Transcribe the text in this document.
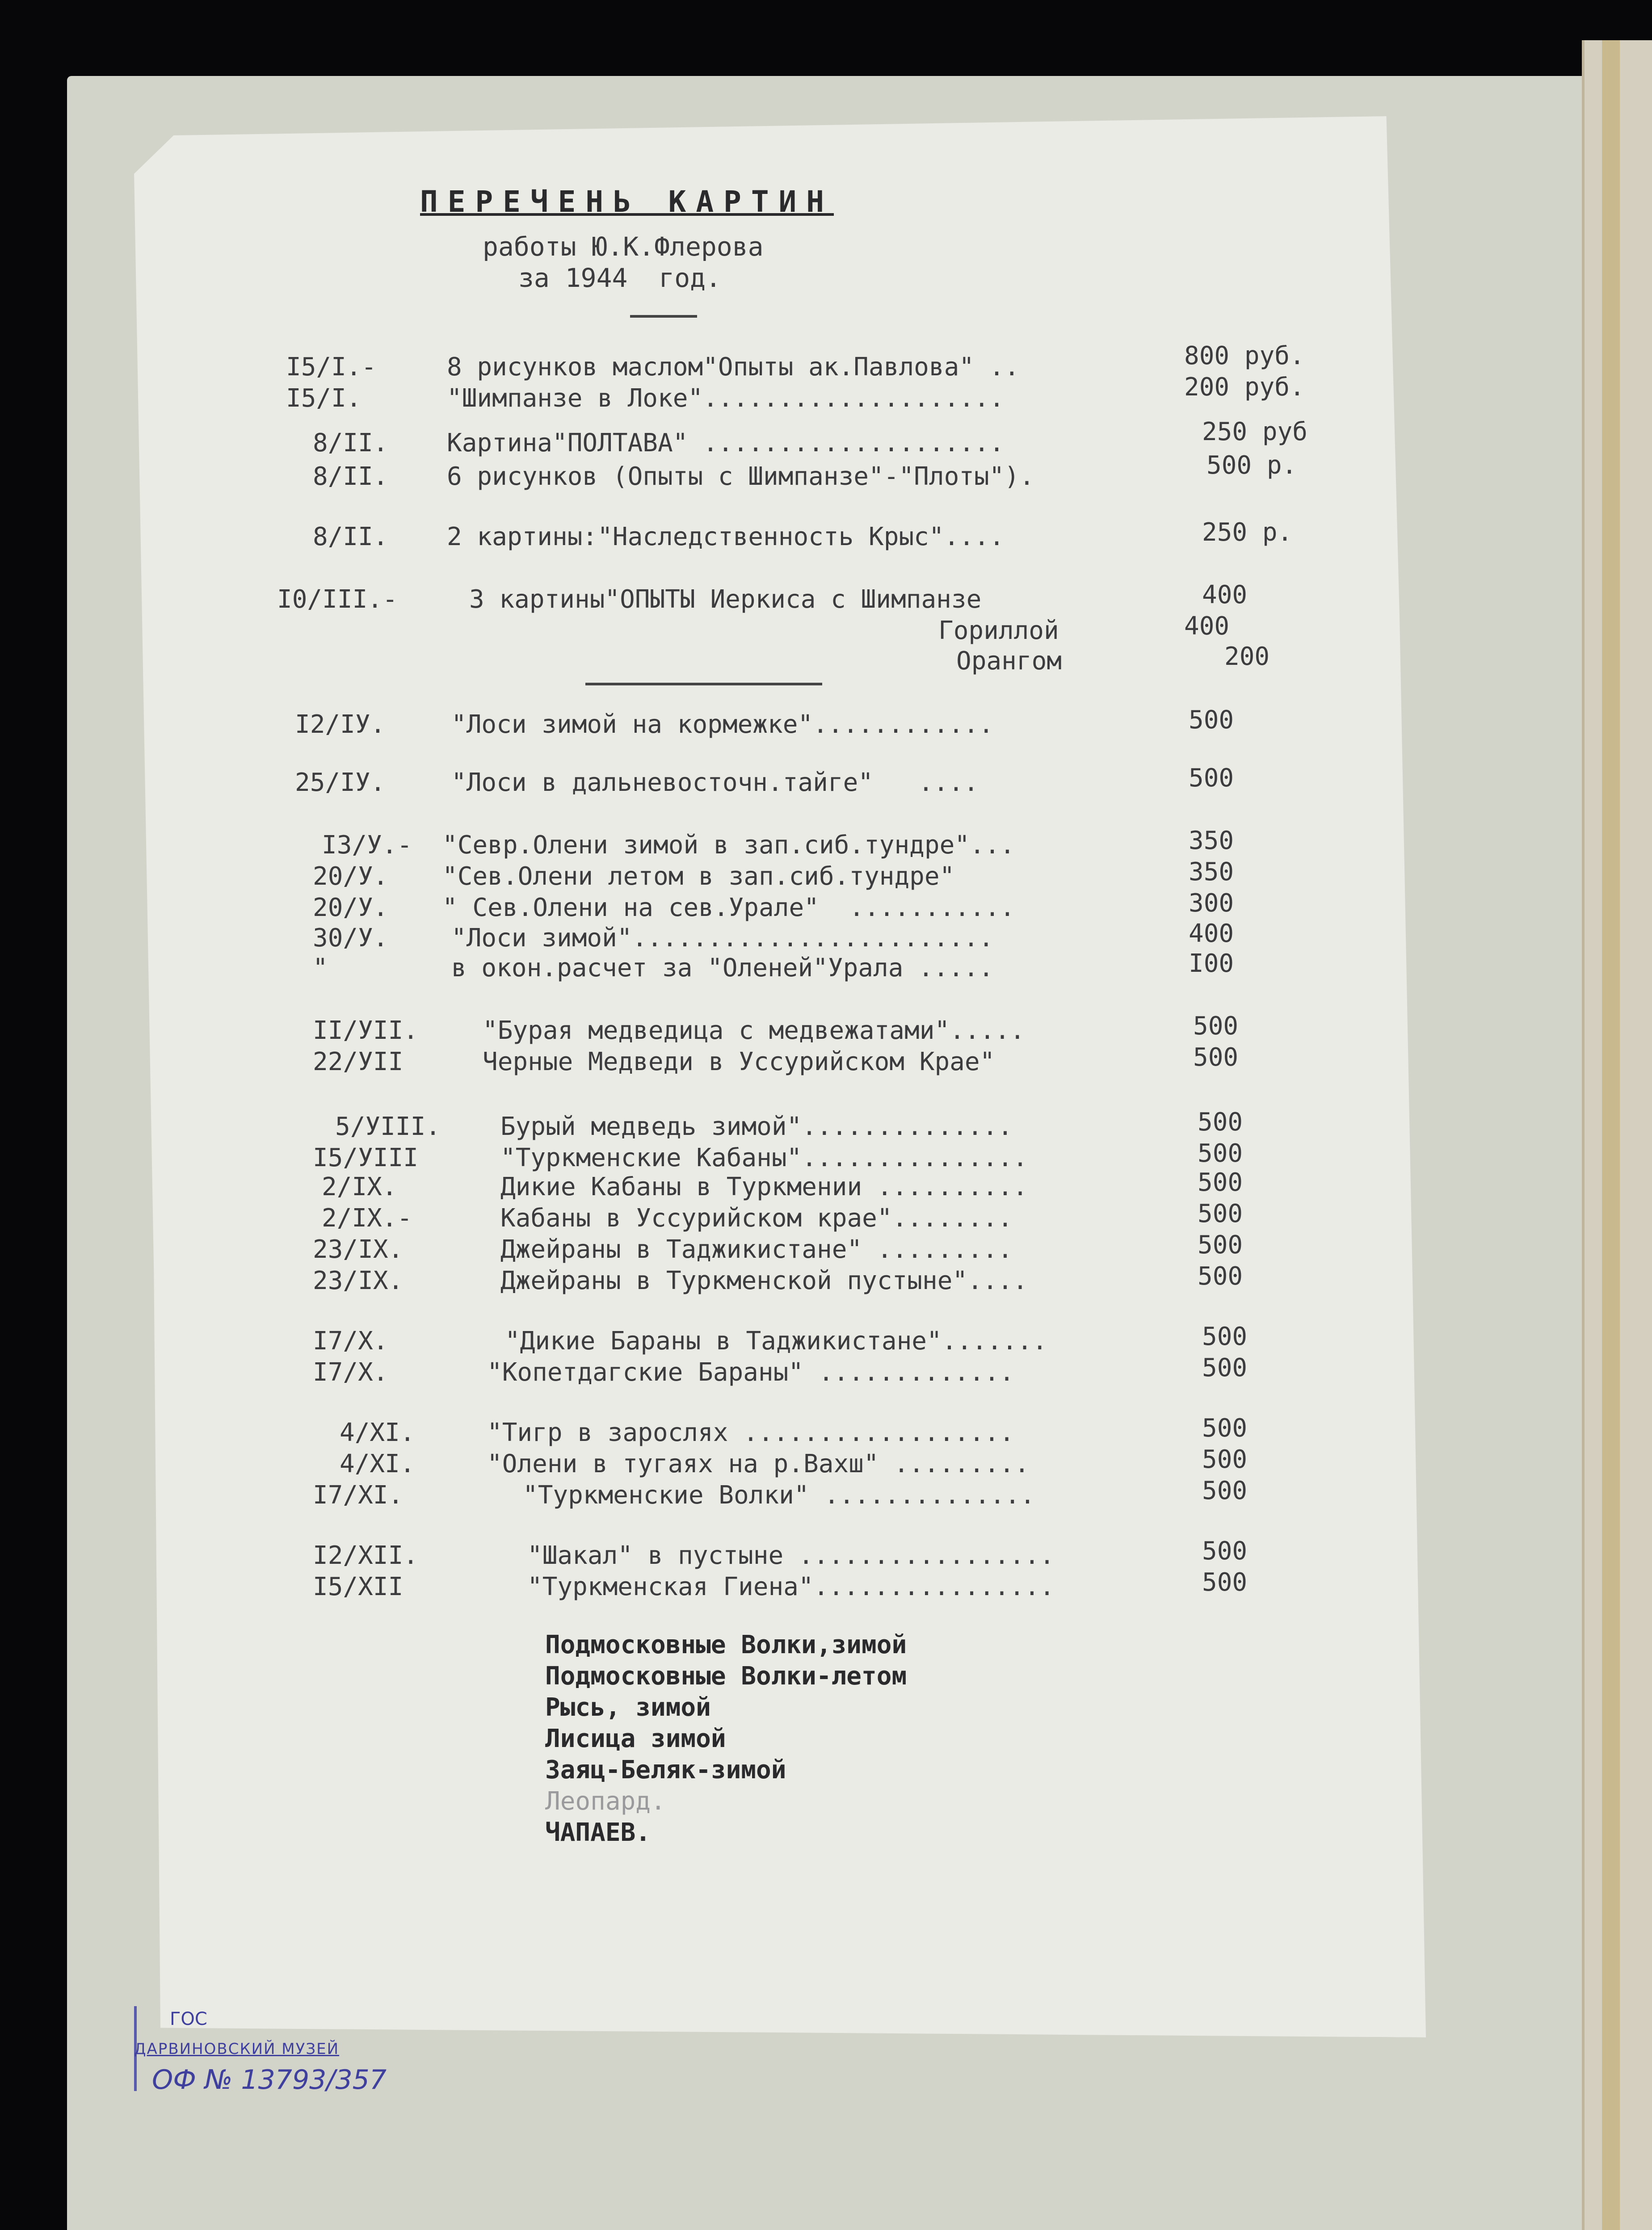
ПЕРЕЧЕНЬ КАРТИН
работы Ю.К.Флерова
за 1944  год.
I5/I.-	8 рисунков маслом"Опыты ак.Павлова" ..	800 руб.
I5/I.	"Шимпанзе в Локе"....................	200 руб.
8/II. Картина"ПОЛТАВА" ....................	250 руб
8/II. 6 рисунков (Опыты с Шимпанзе"-"Плоты").	500 р.
8/II. 2 картины:"Наследственность Крыс"....	250 р.
I0/III.-	3 картины"ОПЫТЫ Иеркиса с Шимпанзе	400
Гориллой	400
Орангом	200
I2/IУ.	"Лоси зимой на кормежке"............	500
25/IУ.	"Лоси в дальневосточн.тайге"   ....	500
I3/У.- "Севр.Олени зимой в зап.сиб.тундре"...	350
20/У. "Сев.Олени летом в зап.сиб.тундре"	350
20/У. " Сев.Олени на сев.Урале"  ...........	300
30/У.	"Лоси зимой"........................	400
"	в окон.расчет за "Оленей"Урала .....	I00
II/УII.	"Бурая медведица с медвежатами".....	500
22/УII	Черные Медведи в Уссурийском Крае"	500
5/УIII. Бурый медведь зимой"..............	500
I5/УIII	"Туркменские Кабаны"...............	500
2/IX.	Дикие Кабаны в Туркмении ..........	500
2/IX.-	Кабаны в Уссурийском крае"........	500
23/IX.	Джейраны в Таджикистане" .........	500
23/IX.	Джейраны в Туркменской пустыне"....	500
I7/X.	"Дикие Бараны в Таджикистане".......	500
I7/X.	"Копетдагские Бараны" .............	500
4/XI.	"Тигр в зарослях ..................	500
4/XI.	"Олени в тугаях на р.Вахш" .........	500
I7/XI.	"Туркменские Волки" ..............	500
I2/XII.	"Шакал" в пустыне .................	500
I5/XII	"Туркменская Гиена"................	500
Подмосковные Волки,зимой
Подмосковные Волки-летом
Рысь, зимой
Лисица зимой
Заяц-Беляк-зимой
Леопард.
ЧАПАЕВ.
ГОС
ДАРВИНОВСКИЙ МУЗЕЙ
ОФ № 13793/357
